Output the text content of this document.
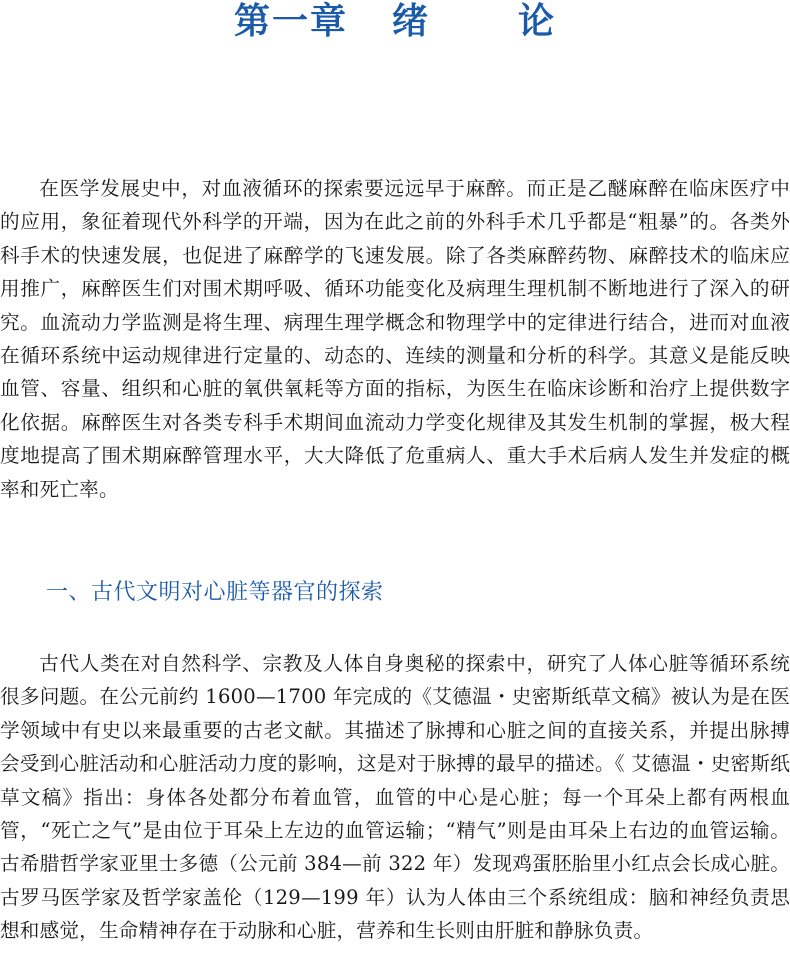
第一章 绪 论

在医学发展史中，对血液循环的探索要远远早于麻醉。而正是乙醚麻醉在临床医疗中的应用，象征着现代外科学的开端，因为在此之前的外科手术几乎都是“粗暴”的。各类外科手术的快速发展，也促进了麻醉学的飞速发展。除了各类麻醉药物、麻醉技术的临床应用推广，麻醉医生们对围术期呼吸、循环功能变化及病理生理机制不断地进行了深入的研究。血流动力学监测是将生理、病理生理学概念和物理学中的定律进行结合，进而对血液在循环系统中运动规律进行定量的、动态的、连续的测量和分析的科学。其意义是能反映血管、容量、组织和心脏的氧供氧耗等方面的指标，为医生在临床诊断和治疗上提供数字化依据。麻醉医生对各类专科手术期间血流动力学变化规律及其发生机制的掌握，极大程度地提高了围术期麻醉管理水平，大大降低了危重病人、重大手术后病人发生并发症的概率和死亡率。

一、古代文明对心脏等器官的探索

古代人类在对自然科学、宗教及人体自身奥秘的探索中，研究了人体心脏等循环系统很多问题。在公元前约 1600—1700 年完成的《艾德温・史密斯纸草文稿》被认为是在医学领域中有史以来最重要的古老文献。其描述了脉搏和心脏之间的直接关系，并提出脉搏会受到心脏活动和心脏活动力度的影响，这是对于脉搏的最早的描述。《 艾德温・史密斯纸草文稿》指出：身体各处都分布着血管，血管的中心是心脏；每一个耳朵上都有两根血管，“死亡之气”是由位于耳朵上左边的血管运输；“精气”则是由耳朵上右边的血管运输。古希腊哲学家亚里士多德（公元前 384—前 322 年）发现鸡蛋胚胎里小红点会长成心脏。古罗马医学家及哲学家盖伦（129—199 年）认为人体由三个系统组成：脑和神经负责思想和感觉，生命精神存在于动脉和心脏，营养和生长则由肝脏和静脉负责。
